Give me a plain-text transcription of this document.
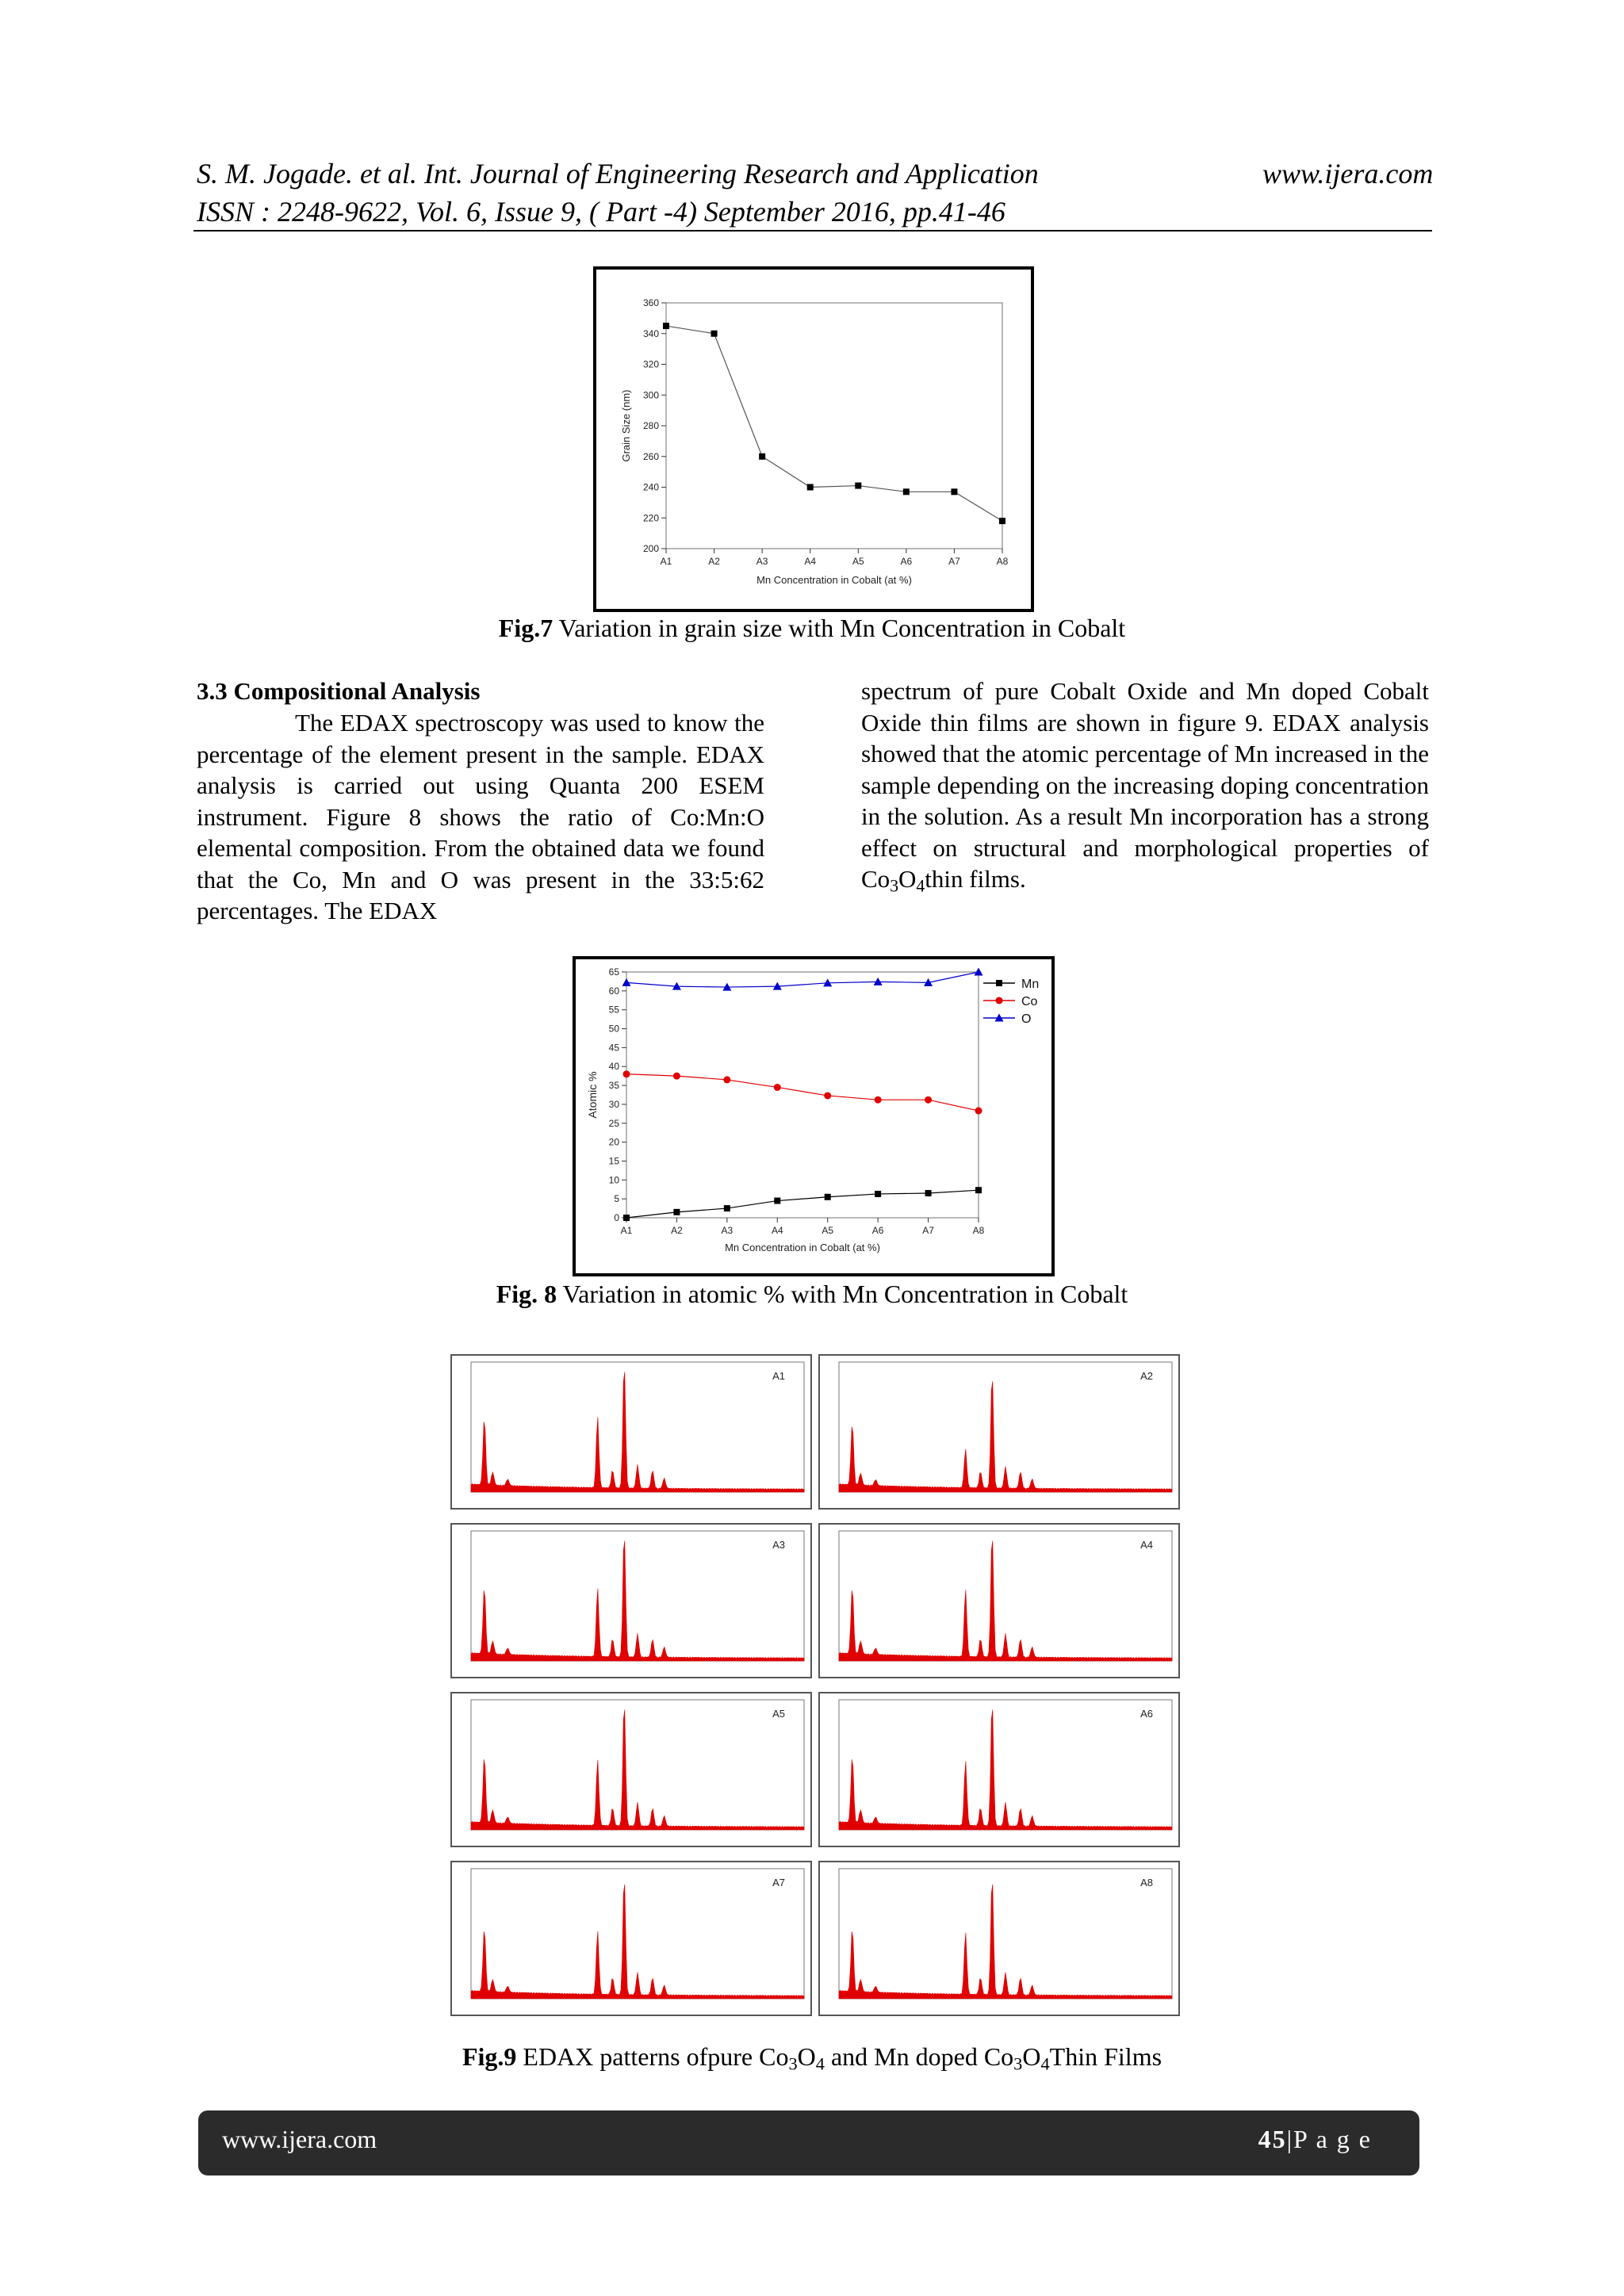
S. M. Jogade. et al. Int. Journal of Engineering Research and Application	www.ijera.com
ISSN : 2248-9622, Vol. 6, Issue 9, ( Part -4) September 2016, pp.41-46
200
220
240
260
280
300
320
340
360
A1	A2	A3	A4	A5	A6	A7	A8
Mn Concentration in Cobalt (at %)
Grain Size (nm)
Fig.7 Variation in grain size with Mn Concentration in Cobalt
3.3 Compositional Analysis
The EDAX spectroscopy was used to know the percentage of the element present in the sample. EDAX analysis is carried out using Quanta 200 ESEM instrument. Figure 8 shows the ratio of Co:Mn:O elemental composition. From the obtained data we found that the Co, Mn and O was present in the 33:5:62 percentages. The EDAX
spectrum of pure Cobalt Oxide and Mn doped Cobalt Oxide thin films are shown in figure 9. EDAX analysis showed that the atomic percentage of Mn increased in the sample depending on the increasing doping concentration in the solution. As a result Mn incorporation has a strong effect on structural and morphological properties of $Co_3O_4thin$ films.
0
5
10
15
20
25
30
35
40
45
50
55
60
65
A1	A2	A3	A4	A5	A6	A7	A8
Mn
Co
O
Mn Concentration in Cobalt (at %)
Atomic %
Fig. 8 Variation in atomic % with Mn Concentration in Cobalt
A1	A2
A3	A4
A5	A6
A7	A8
Fig.9 EDAX patterns ofpure $Co_3O_4$ and Mn doped $Co_3O_4Thin$ Films
www.ijera.com	45|P a g e
